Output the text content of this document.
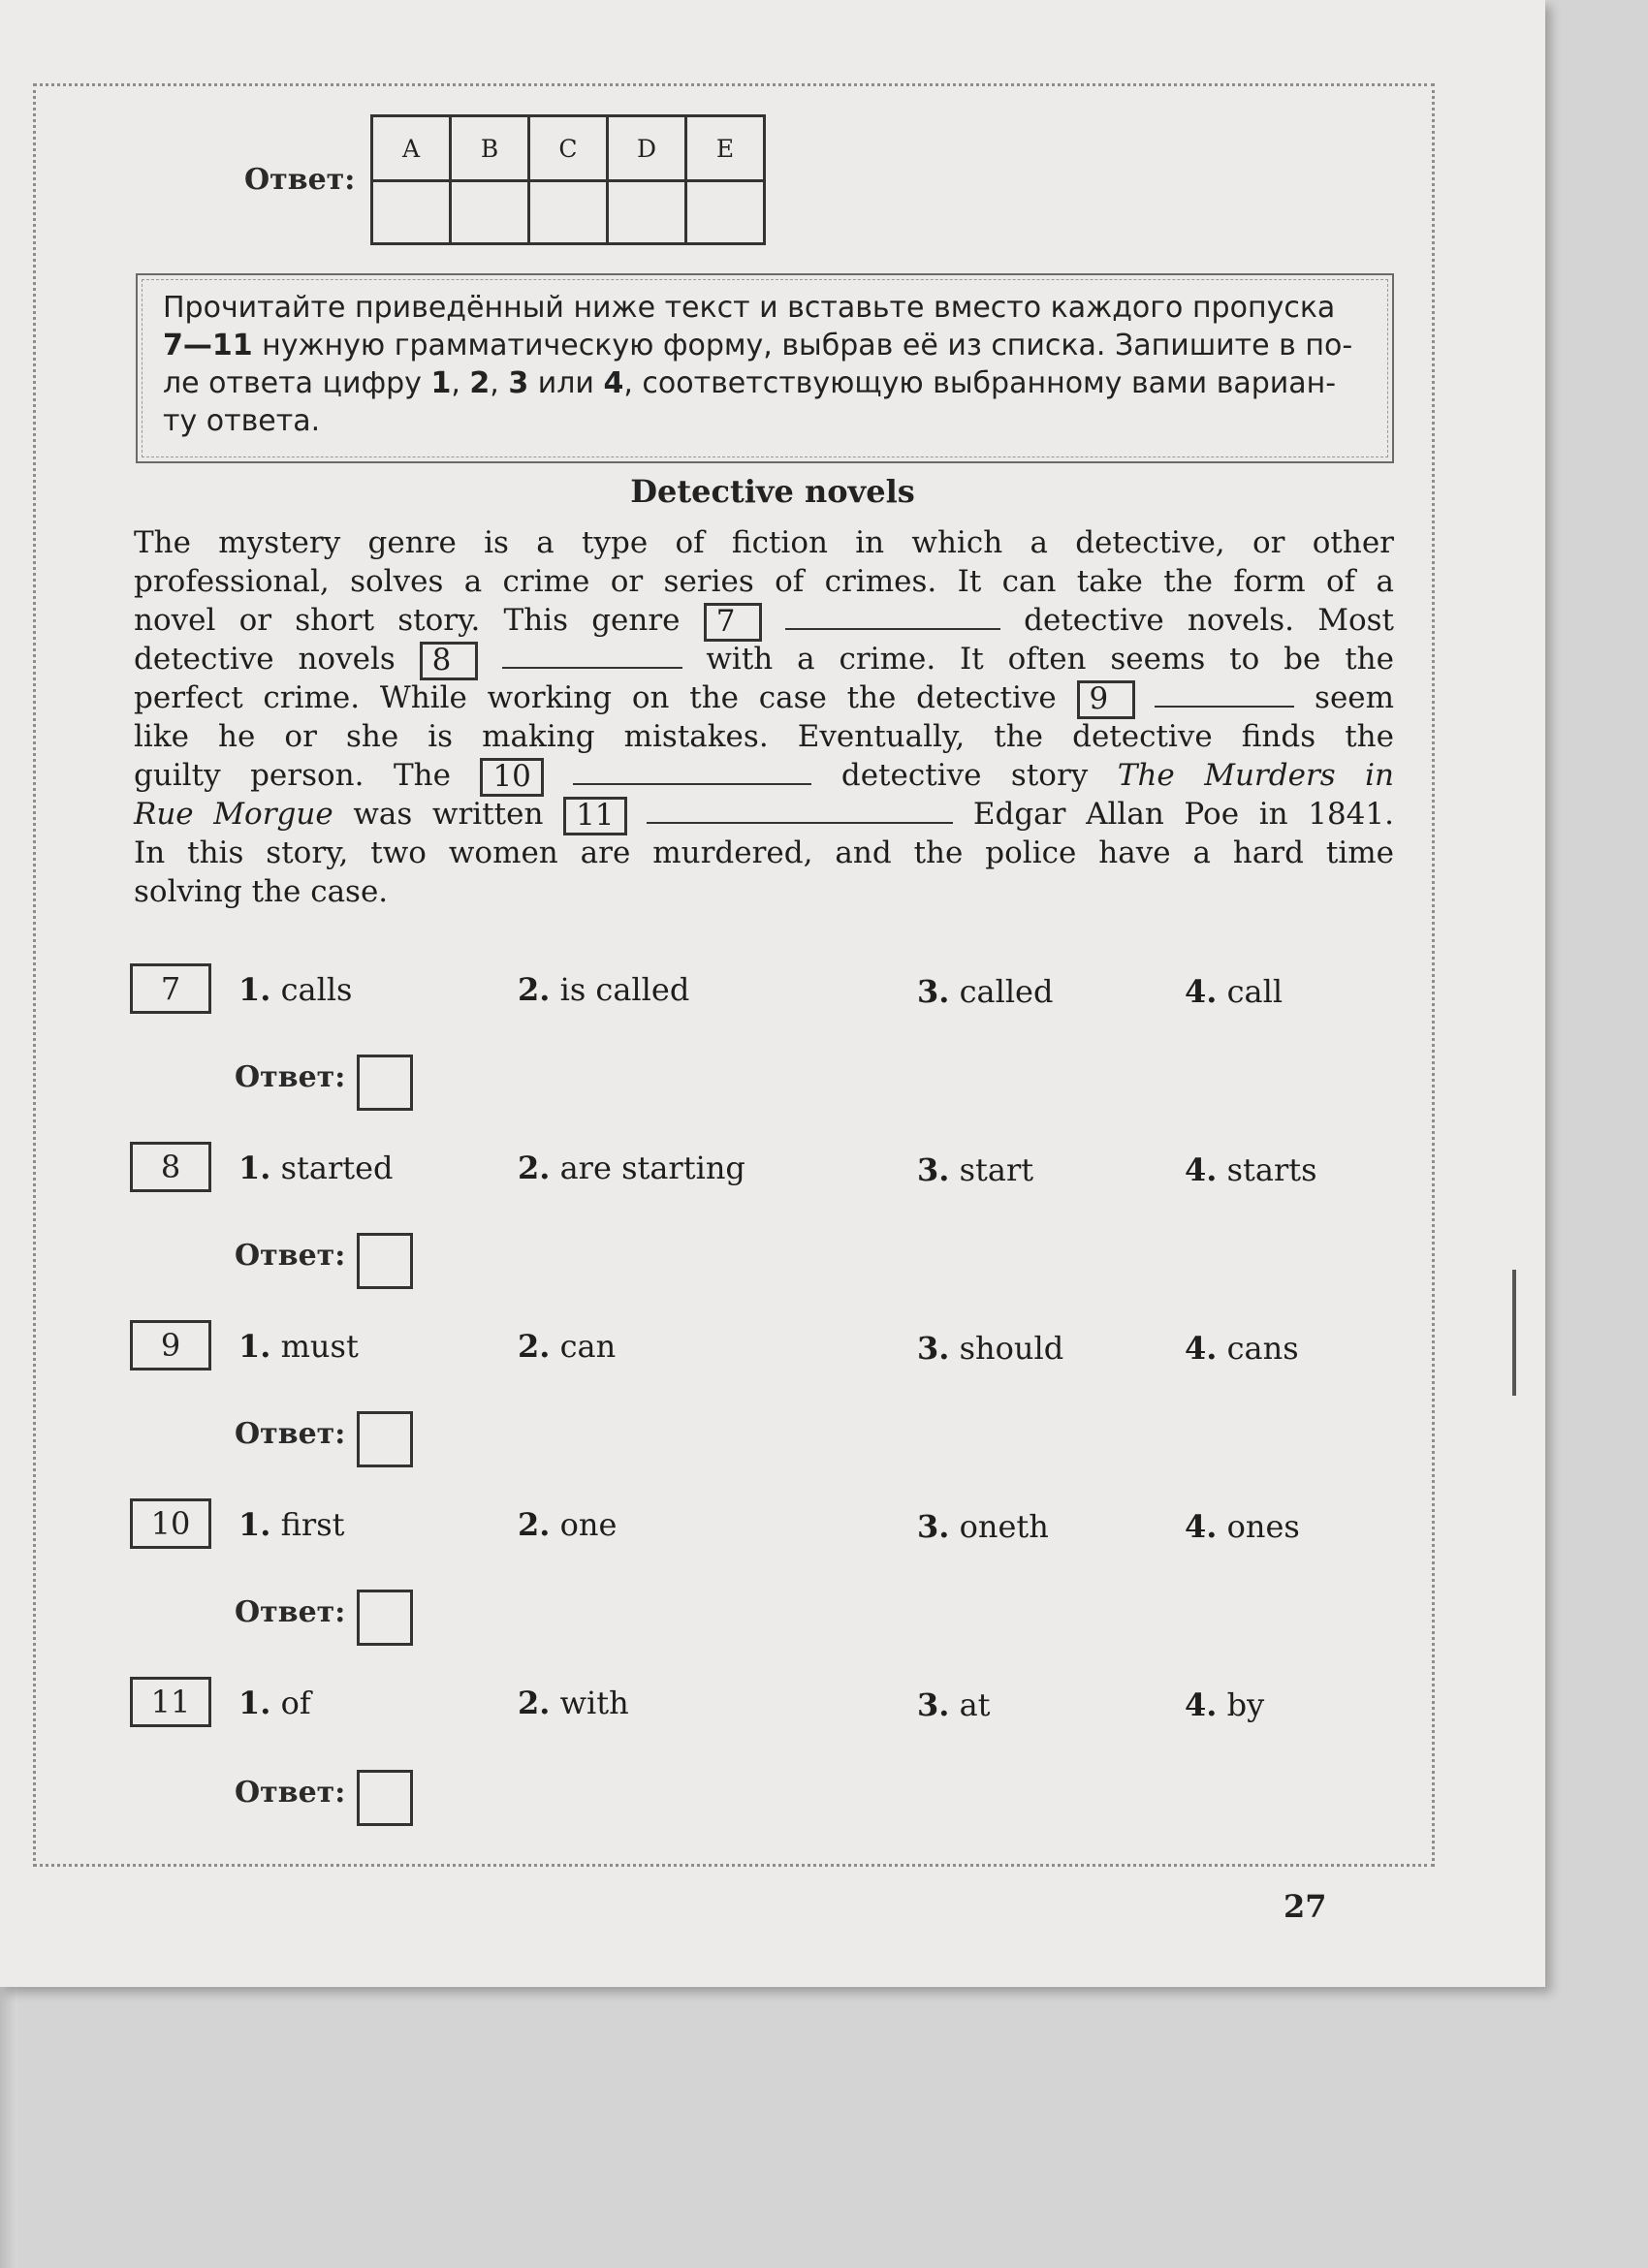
Ответ:
A	B	C	D	E

Прочитайте приведённый ниже текст и вставьте вместо каждого пропуска
7—11 нужную грамматическую форму, выбрав её из списка. Запишите в по-
ле ответа цифру 1, 2, 3 или 4, соответствующую выбранному вами вариан-
ту ответа.
Detective novels
The mystery genre is a type of fiction in which a detective, or other
professional, solves a crime or series of crimes. It can take the form of a
novel or short story. This genre 7	detective novels. Most
detective novels 8	with a crime. It often seems to be the
perfect crime. While working on the case the detective 9	seem
like he or she is making mistakes. Eventually, the detective finds the
guilty person. The 10	detective story The Murders in
Rue Morgue was written 11	Edgar Allan Poe in 1841.
In this story, two women are murdered, and the police have a hard time
solving the case.
7	1. calls	2. is called	3. called	4. call
Ответ:
8	1. started	2. are starting	3. start	4. starts
Ответ:
9	1. must	2. can	3. should	4. cans
Ответ:
10	1. first	2. one	3. oneth	4. ones
Ответ:
11	1. of	2. with	3. at	4. by
Ответ:
27
